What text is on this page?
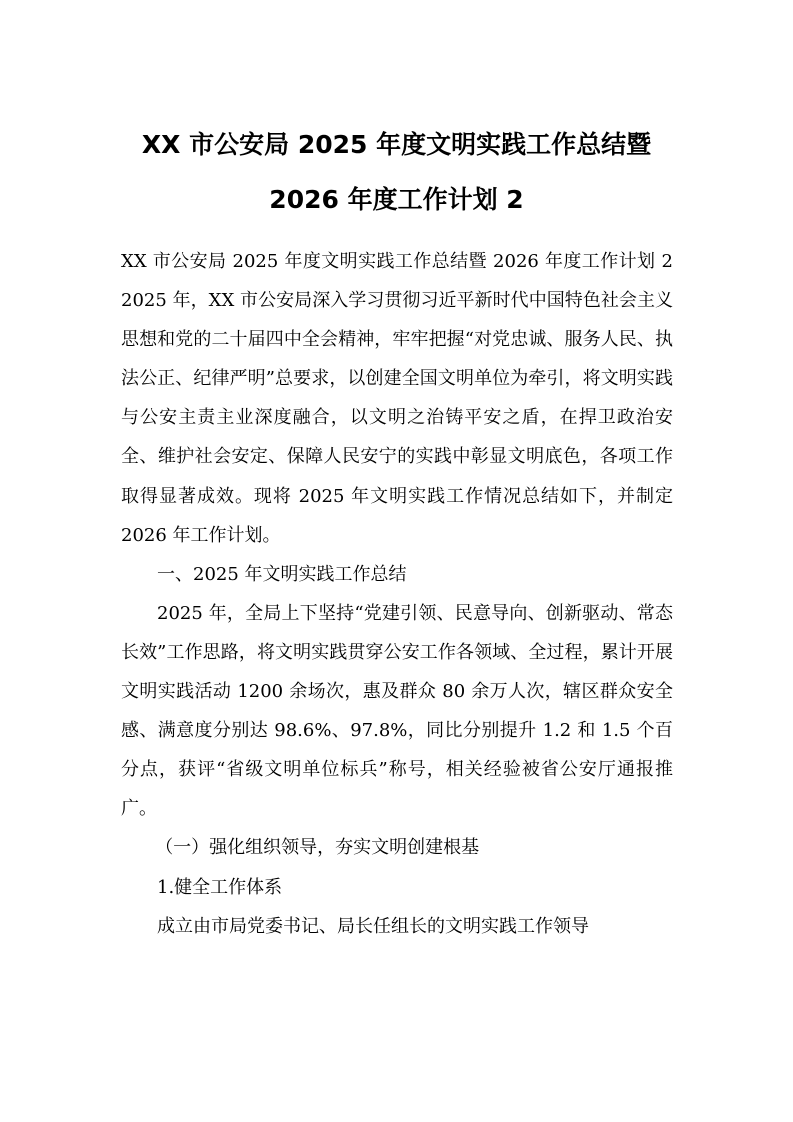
XX 市公安局 2025 年度文明实践工作总结暨
2026 年度工作计划 2

XX 市公安局 2025 年度文明实践工作总结暨 2026 年度工作计划 2　　2025 年，XX 市公安局深入学习贯彻习近平新时代中国特色社会主义思想和党的二十届四中全会精神，牢牢把握“对党忠诚、服务人民、执法公正、纪律严明”总要求，以创建全国文明单位为牵引，将文明实践与公安主责主业深度融合，以文明之治铸平安之盾，在捍卫政治安全、维护社会安定、保障人民安宁的实践中彰显文明底色，各项工作取得显著成效。现将 2025 年文明实践工作情况总结如下，并制定 2026 年工作计划。

一、2025 年文明实践工作总结

2025 年，全局上下坚持“党建引领、民意导向、创新驱动、常态长效”工作思路，将文明实践贯穿公安工作各领域、全过程，累计开展文明实践活动 1200 余场次，惠及群众 80 余万人次，辖区群众安全感、满意度分别达 98.6%、97.8%，同比分别提升 1.2 和 1.5 个百分点，获评“省级文明单位标兵”称号，相关经验被省公安厅通报推广。

（一）强化组织领导，夯实文明创建根基

1.健全工作体系

成立由市局党委书记、局长任组长的文明实践工作领导
